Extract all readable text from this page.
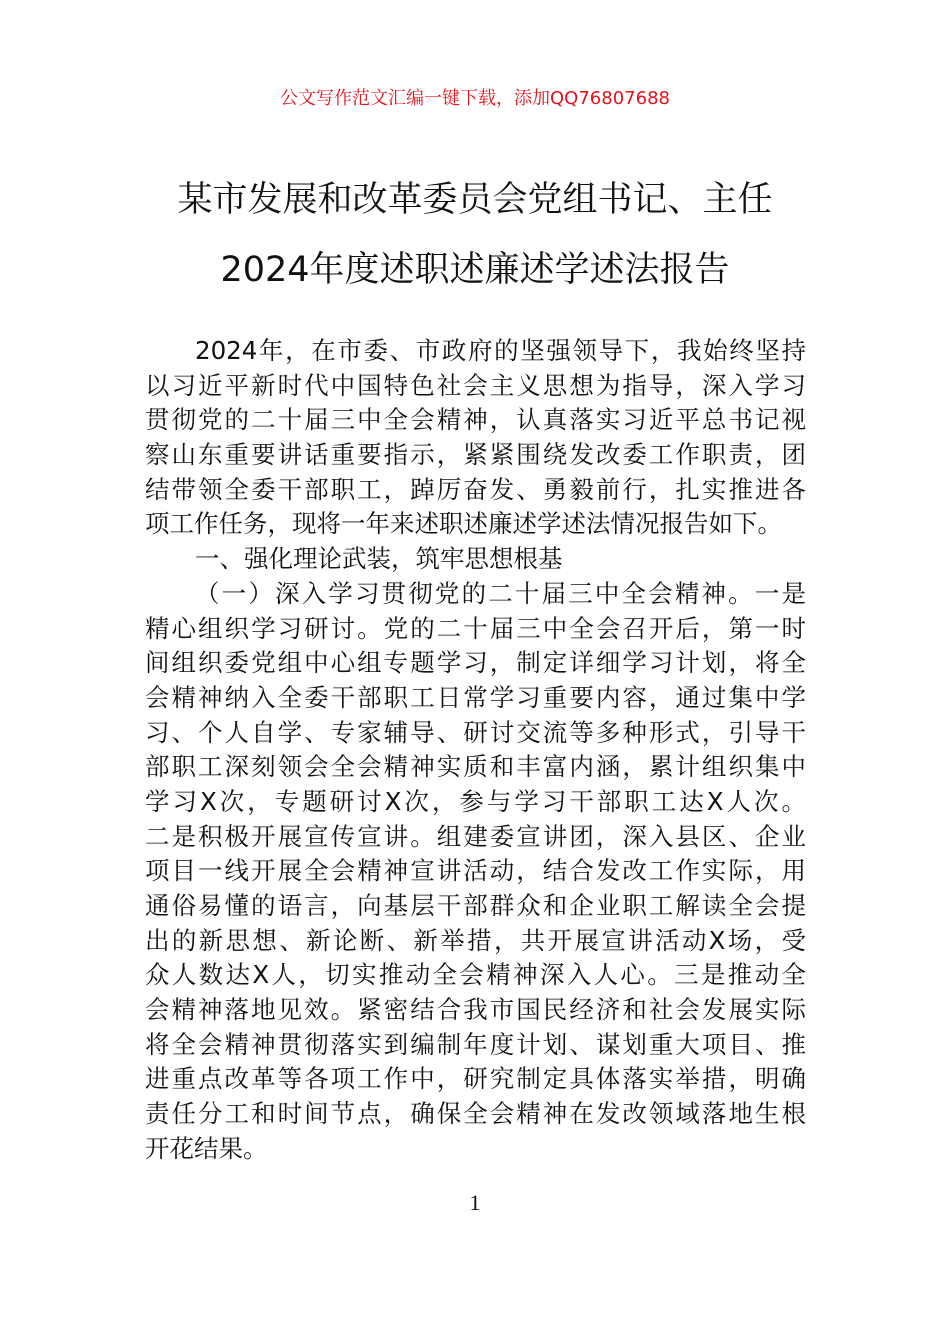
公文写作范文汇编一键下载，添加QQ76807688
某市发展和改革委员会党组书记、主任
2024年度述职述廉述学述法报告
2024年，在市委、市政府的坚强领导下，我始终坚持
以习近平新时代中国特色社会主义思想为指导，深入学习
贯彻党的二十届三中全会精神，认真落实习近平总书记视
察山东重要讲话重要指示，紧紧围绕发改委工作职责，团
结带领全委干部职工，踔厉奋发、勇毅前行，扎实推进各
项工作任务，现将一年来述职述廉述学述法情况报告如下。
一、强化理论武装，筑牢思想根基
（一）深入学习贯彻党的二十届三中全会精神。一是
精心组织学习研讨。党的二十届三中全会召开后，第一时
间组织委党组中心组专题学习，制定详细学习计划，将全
会精神纳入全委干部职工日常学习重要内容，通过集中学
习、个人自学、专家辅导、研讨交流等多种形式，引导干
部职工深刻领会全会精神实质和丰富内涵，累计组织集中
学习X次，专题研讨X次，参与学习干部职工达X人次。
二是积极开展宣传宣讲。组建委宣讲团，深入县区、企业
项目一线开展全会精神宣讲活动，结合发改工作实际，用
通俗易懂的语言，向基层干部群众和企业职工解读全会提
出的新思想、新论断、新举措，共开展宣讲活动X场，受
众人数达X人，切实推动全会精神深入人心。三是推动全
会精神落地见效。紧密结合我市国民经济和社会发展实际
将全会精神贯彻落实到编制年度计划、谋划重大项目、推
进重点改革等各项工作中，研究制定具体落实举措，明确
责任分工和时间节点，确保全会精神在发改领域落地生根
开花结果。
1
